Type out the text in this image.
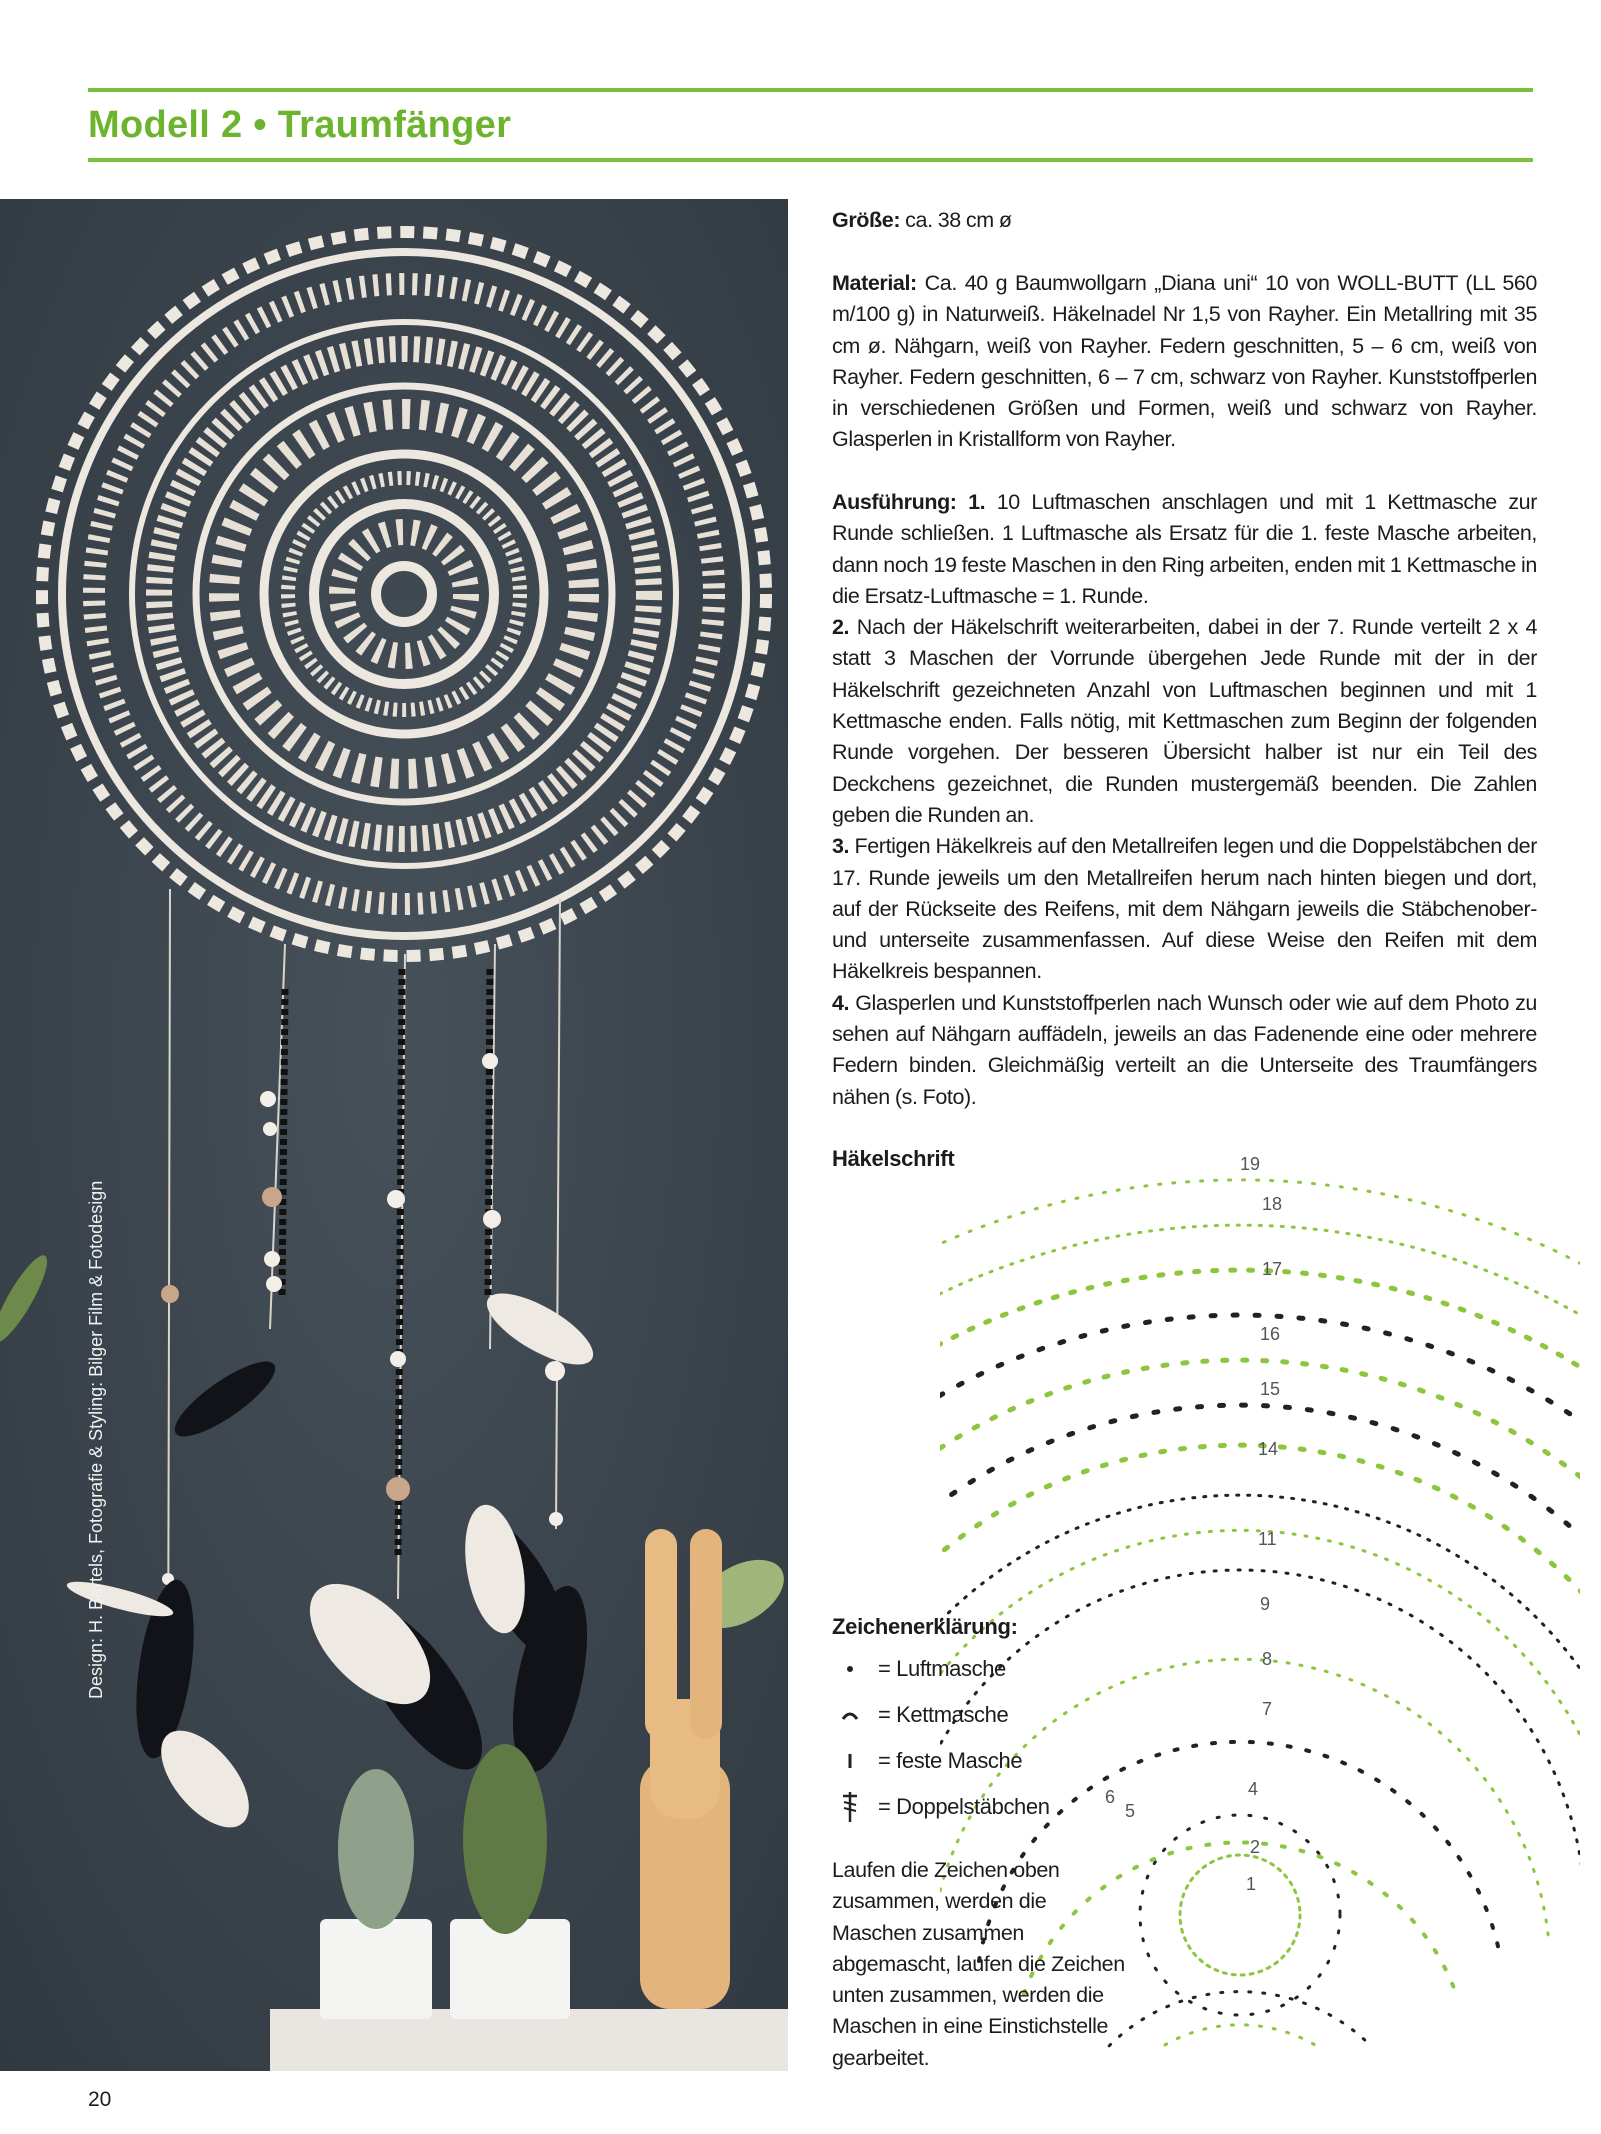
Modell 2 • Traumfänger
Design: H. Bartels, Fotografie & Styling: Bilger Film & Fotodesign

Größe: ca. 38 cm ø

Material: Ca. 40 g Baumwollgarn „Diana uni“ 10 von WOLL-BUTT (LL 560 m/100 g) in Naturweiß. Häkelnadel Nr 1,5 von Rayher. Ein Metallring mit 35 cm ø. Nähgarn, weiß von Rayher. Federn geschnitten, 5 – 6 cm, weiß von Rayher. Federn geschnitten, 6 – 7 cm, schwarz von Rayher. Kunststoffperlen in verschiedenen Größen und Formen, weiß und schwarz von Rayher. Glasperlen in Kristallform von Rayher.

Ausführung: 1. 10 Luftmaschen anschlagen und mit 1 Kettmasche zur Runde schließen. 1 Luftmasche als Ersatz für die 1. feste Masche arbeiten, dann noch 19 feste Maschen in den Ring arbeiten, enden mit 1 Kettmasche in die Ersatz-Luftmasche = 1. Runde.
2. Nach der Häkelschrift weiterarbeiten, dabei in der 7. Runde verteilt 2 x 4 statt 3 Maschen der Vorrunde übergehen Jede Runde mit der in der Häkelschrift gezeichneten Anzahl von Luftmaschen beginnen und mit 1 Kettmasche enden. Falls nötig, mit Kettmaschen zum Beginn der folgenden Runde vorgehen. Der besseren Übersicht halber ist nur ein Teil des Deckchens gezeichnet, die Runden mustergemäß beenden. Die Zahlen geben die Runden an.
3. Fertigen Häkelkreis auf den Metallreifen legen und die Doppelstäbchen der 17. Runde jeweils um den Metallreifen herum nach hinten biegen und dort, auf der Rückseite des Reifens, mit dem Nähgarn jeweils die Stäbchenober- und unterseite zusammenfassen. Auf diese Weise den Reifen mit dem Häkelkreis bespannen.
4. Glasperlen und Kunststoffperlen nach Wunsch oder wie auf dem Photo zu sehen auf Nähgarn auffädeln, jeweils an das Fadenende eine oder mehrere Federn binden. Gleichmäßig verteilt an die Unterseite des Traumfängers nähen (s. Foto).

Häkelschrift	19
18
17
16
15
14
11
9
8
7
6
5
4
2
1

Zeichenerklärung:

= Luftmasche
= Kettmasche
= feste Masche
= Doppelstäbchen

Laufen die Zeichen oben zusammen, werden die Maschen zusammen abgemascht, laufen die Zeichen unten zusammen, werden die Maschen in eine Einstichstelle gearbeitet.

20
